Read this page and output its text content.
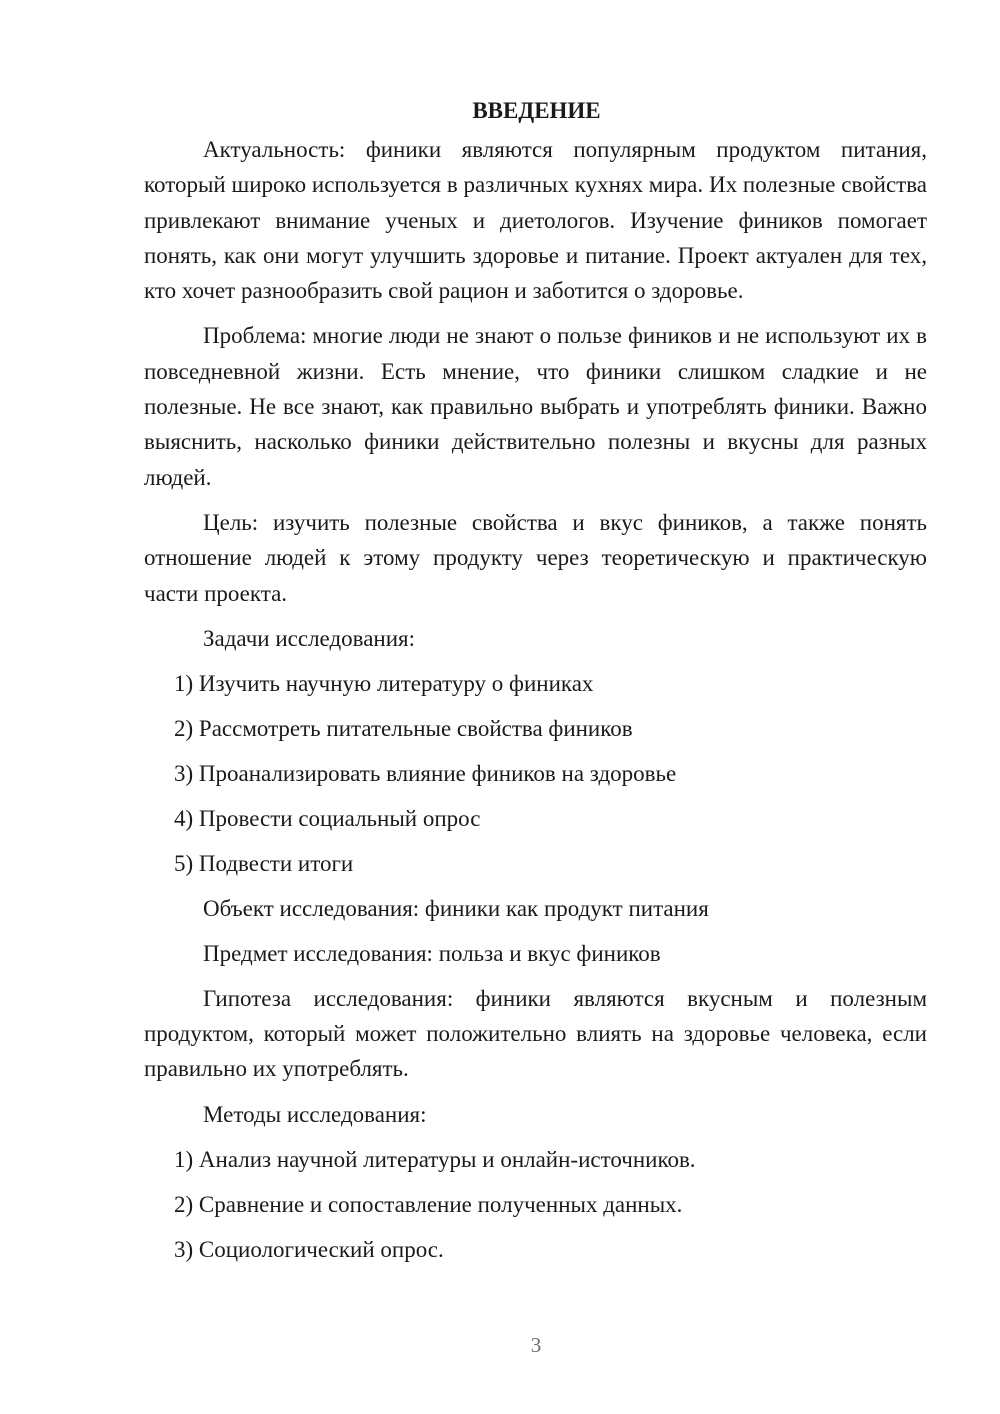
ВВЕДЕНИЕ

Актуальность: финики являются популярным продуктом питания, который широко используется в различных кухнях мира. Их полезные свойства привлекают внимание ученых и диетологов. Изучение фиников помогает понять, как они могут улучшить здоровье и питание. Проект актуален для тех, кто хочет разнообразить свой рацион и заботится о здоровье.

Проблема: многие люди не знают о пользе фиников и не используют их в повседневной жизни. Есть мнение, что финики слишком сладкие и не полезные. Не все знают, как правильно выбрать и употреблять финики. Важно выяснить, насколько финики действительно полезны и вкусны для разных людей.

Цель: изучить полезные свойства и вкус фиников, а также понять отношение людей к этому продукту через теоретическую и практическую части проекта.

Задачи исследования:
1) Изучить научную литературу о финиках
2) Рассмотреть питательные свойства фиников
3) Проанализировать влияние фиников на здоровье
4) Провести социальный опрос
5) Подвести итоги
Объект исследования: финики как продукт питания
Предмет исследования: польза и вкус фиников

Гипотеза исследования: финики являются вкусным и полезным продуктом, который может положительно влиять на здоровье человека, если правильно их употреблять.

Методы исследования:
1) Анализ научной литературы и онлайн-источников.
2) Сравнение и сопоставление полученных данных.
3) Социологический опрос.
3
